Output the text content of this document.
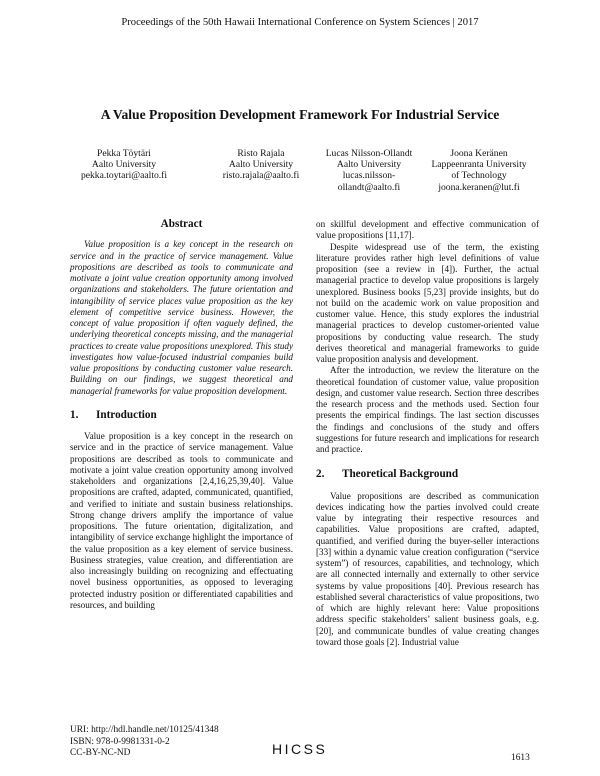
Proceedings of the 50th Hawaii International Conference on System Sciences | 2017
A Value Proposition Development Framework For Industrial Service
Pekka Töytäri
Aalto University
pekka.toytari@aalto.fi
Risto Rajala
Aalto University
risto.rajala@aalto.fi
Lucas Nilsson-Ollandt
Aalto University
lucas.nilsson-
ollandt@aalto.fi
Joona Keränen
Lappeenranta University
of Technology
joona.keranen@lut.fi
Abstract

Value proposition is a key concept in the research on service and in the practice of service management. Value propositions are described as tools to communicate and motivate a joint value creation opportunity among involved organizations and stakeholders. The future orientation and intangibility of service places value proposition as the key element of competitive service business. However, the concept of value proposition if often vaguely defined, the underlying theoretical concepts missing, and the managerial practices to create value propositions unexplored. This study investigates how value-focused industrial companies build value propositions by conducting customer value research. Building on our findings, we suggest theoretical and managerial frameworks for value proposition development.

1. Introduction

Value proposition is a key concept in the research on service and in the practice of service management. Value propositions are described as tools to communicate and motivate a joint value creation opportunity among involved stakeholders and organizations [2,4,16,25,39,40]. Value propositions are crafted, adapted, communicated, quantified, and verified to initiate and sustain business relationships. Strong change drivers amplify the importance of value propositions. The future orientation, digitalization, and intangibility of service exchange highlight the importance of the value proposition as a key element of service business. Business strategies, value creation, and differentiation are also increasingly building on recognizing and effectuating novel business opportunities, as opposed to leveraging protected industry position or differentiated capabilities and resources, and building

on skillful development and effective communication of value propositions [11,17].

Despite widespread use of the term, the existing literature provides rather high level definitions of value proposition (see a review in [4]). Further, the actual managerial practice to develop value propositions is largely unexplored. Business books [5,23] provide insights, but do not build on the academic work on value proposition and customer value. Hence, this study explores the industrial managerial practices to develop customer-oriented value propositions by conducting value research. The study derives theoretical and managerial frameworks to guide value proposition analysis and development.

After the introduction, we review the literature on the theoretical foundation of customer value, value proposition design, and customer value research. Section three describes the research process and the methods used. Section four presents the empirical findings. The last section discusses the findings and conclusions of the study and offers suggestions for future research and implications for research and practice.

2. Theoretical Background

Value propositions are described as communication devices indicating how the parties involved could create value by integrating their respective resources and capabilities. Value propositions are crafted, adapted, quantified, and verified during the buyer-seller interactions [33] within a dynamic value creation configuration (“service system”) of resources, capabilities, and technology, which are all connected internally and externally to other service systems by value propositions [40]. Previous research has established several characteristics of value propositions, two of which are highly relevant here: Value propositions address specific stakeholders’ salient business goals, e.g. [20], and communicate bundles of value creating changes toward those goals [2]. Industrial value

URI: http://hdl.handle.net/10125/41348
ISBN: 978-0-9981331-0-2
CC-BY-NC-ND	HICSS
1613
